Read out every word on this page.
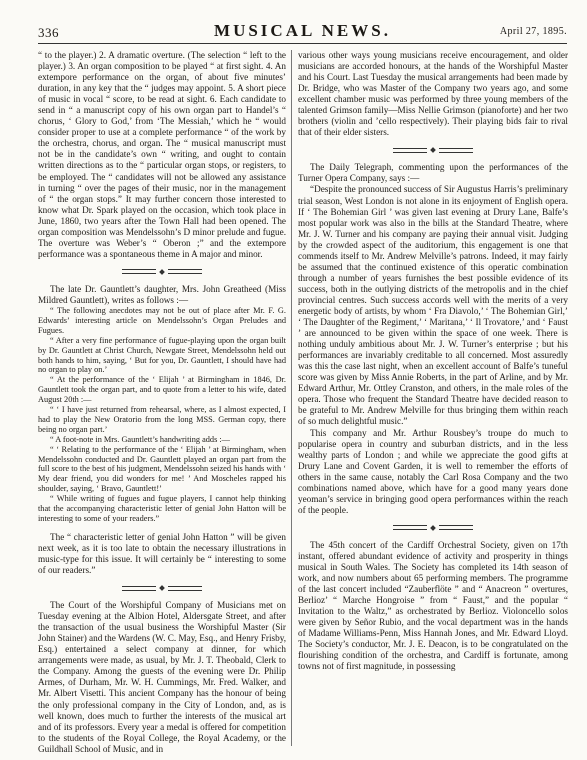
336	MUSICAL NEWS.	April 27, 1895.

“ to the player.) 2. A dramatic overture. (The selection “ left to the player.) 3. An organ composition to be played “ at first sight. 4. An extempore performance on the organ, of about five minutes’ duration, in any key that the “ judges may appoint. 5. A short piece of music in vocal “ score, to be read at sight. 6. Each candidate to send in “ a manuscript copy of his own organ part to Handel’s “ chorus, ‘ Glory to God,’ from ‘The Messiah,’ which he “ would consider proper to use at a complete performance “ of the work by the orchestra, chorus, and organ. The “ musical manuscript must not be in the candidate’s own “ writing, and ought to contain written directions as to the “ particular organ stops, or registers, to be employed. The “ candidates will not be allowed any assistance in turning “ over the pages of their music, nor in the management of “ the organ stops.” It may further concern those interested to know what Dr. Spark played on the occasion, which took place in June, 1860, two years after the Town Hall had been opened. The organ composition was Mendelssohn’s D minor prelude and fugue. The overture was Weber’s “ Oberon ;” and the extempore performance was a spontaneous theme in A major and minor.

The late Dr. Gauntlett’s daughter, Mrs. John Greatheed (Miss Mildred Gauntlett), writes as follows :—

“ The following anecdotes may not be out of place after Mr. F. G. Edwards’ interesting article on Mendelssohn’s Organ Preludes and Fugues.

“ After a very fine performance of fugue-playing upon the organ built by Dr. Gauntlett at Christ Church, Newgate Street, Mendelssohn held out both hands to him, saying, ‘ But for you, Dr. Gauntlett, I should have had no organ to play on.’

“ At the performance of the ‘ Elijah ’ at Birmingham in 1846, Dr. Gauntlett took the organ part, and to quote from a letter to his wife, dated August 20th :—

“ ‘ I have just returned from rehearsal, where, as I almost expected, I had to play the New Oratorio from the long MSS. German copy, there being no organ part.’

“ A foot-note in Mrs. Gauntlett’s handwriting adds :—

“ ‘ Relating to the performance of the ‘ Elijah ’ at Birmingham, when Mendelssohn conducted and Dr. Gauntlett played an organ part from the full score to the best of his judgment, Mendelssohn seized his hands with ‘ My dear friend, you did wonders for me! ’ And Moscheles rapped his shoulder, saying, ‘ Bravo, Gauntlett!’

“ While writing of fugues and fugue players, I cannot help thinking that the accompanying characteristic letter of genial John Hatton will be interesting to some of your readers.”

The “ characteristic letter of genial John Hatton ” will be given next week, as it is too late to obtain the necessary illustrations in music-type for this issue. It will certainly be “ interesting to some of our readers.”

The Court of the Worshipful Company of Musicians met on Tuesday evening at the Albion Hotel, Aldersgate Street, and after the transaction of the usual business the Worshipful Master (Sir John Stainer) and the Wardens (W. C. May, Esq., and Henry Frisby, Esq.) entertained a select company at dinner, for which arrangements were made, as usual, by Mr. J. T. Theobald, Clerk to the Company. Among the guests of the evening were Dr. Philip Armes, of Durham, Mr. W. H. Cummings, Mr. Fred. Walker, and Mr. Albert Visetti. This ancient Company has the honour of being the only professional company in the City of London, and, as is well known, does much to further the interests of the musical art and of its professors. Every year a medal is offered for competition to the students of the Royal College, the Royal Academy, or the Guildhall School of Music, and in

various other ways young musicians receive encouragement, and older musicians are accorded honours, at the hands of the Worshipful Master and his Court. Last Tuesday the musical arrangements had been made by Dr. Bridge, who was Master of the Company two years ago, and some excellent chamber music was performed by three young members of the talented Grimson family—Miss Nellie Grimson (pianoforte) and her two brothers (violin and ’cello respectively). Their playing bids fair to rival that of their elder sisters.

The Daily Telegraph, commenting upon the performances of the Turner Opera Company, says :—

“Despite the pronounced success of Sir Augustus Harris’s preliminary trial season, West London is not alone in its enjoyment of English opera. If ‘ The Bohemian Girl ’ was given last evening at Drury Lane, Balfe’s most popular work was also in the bills at the Standard Theatre, where Mr. J. W. Turner and his company are paying their annual visit. Judging by the crowded aspect of the auditorium, this engagement is one that commends itself to Mr. Andrew Melville’s patrons. Indeed, it may fairly be assumed that the continued existence of this operatic combination through a number of years furnishes the best possible evidence of its success, both in the outlying districts of the metropolis and in the chief provincial centres. Such success accords well with the merits of a very energetic body of artists, by whom ‘ Fra Diavolo,’ ‘ The Bohemian Girl,’ ‘ The Daughter of the Regiment,’ ‘ Maritana,’ ‘ Il Trovatore,’ and ‘ Faust ’ are announced to be given within the space of one week. There is nothing unduly ambitious about Mr. J. W. Turner’s enterprise ; but his performances are invariably creditable to all concerned. Most assuredly was this the case last night, when an excellent account of Balfe’s tuneful score was given by Miss Annie Roberts, in the part of Arline, and by Mr. Edward Arthur, Mr. Ottley Cranston, and others, in the male roles of the opera. Those who frequent the Standard Theatre have decided reason to be grateful to Mr. Andrew Melville for thus bringing them within reach of so much delightful music.”

This company and Mr. Arthur Rousbey’s troupe do much to popularise opera in country and suburban districts, and in the less wealthy parts of London ; and while we appreciate the good gifts at Drury Lane and Covent Garden, it is well to remember the efforts of others in the same cause, notably the Carl Rosa Company and the two combinations named above, which have for a good many years done yeoman’s service in bringing good opera performances within the reach of the people.

The 45th concert of the Cardiff Orchestral Society, given on 17th instant, offered abundant evidence of activity and prosperity in things musical in South Wales. The Society has completed its 14th season of work, and now numbers about 65 performing members. The programme of the last concert included “Zauberflöte ” and “ Anacreon ” overtures, Berlioz’ “ Marche Hongroise ” from “ Faust,” and the popular “ Invitation to the Waltz,” as orchestrated by Berlioz. Violoncello solos were given by Señor Rubio, and the vocal department was in the hands of Madame Williams-Penn, Miss Hannah Jones, and Mr. Edward Lloyd. The Society’s conductor, Mr. J. E. Deacon, is to be congratulated on the flourishing condition of the orchestra, and Cardiff is fortunate, among towns not of first magnitude, in possessing
